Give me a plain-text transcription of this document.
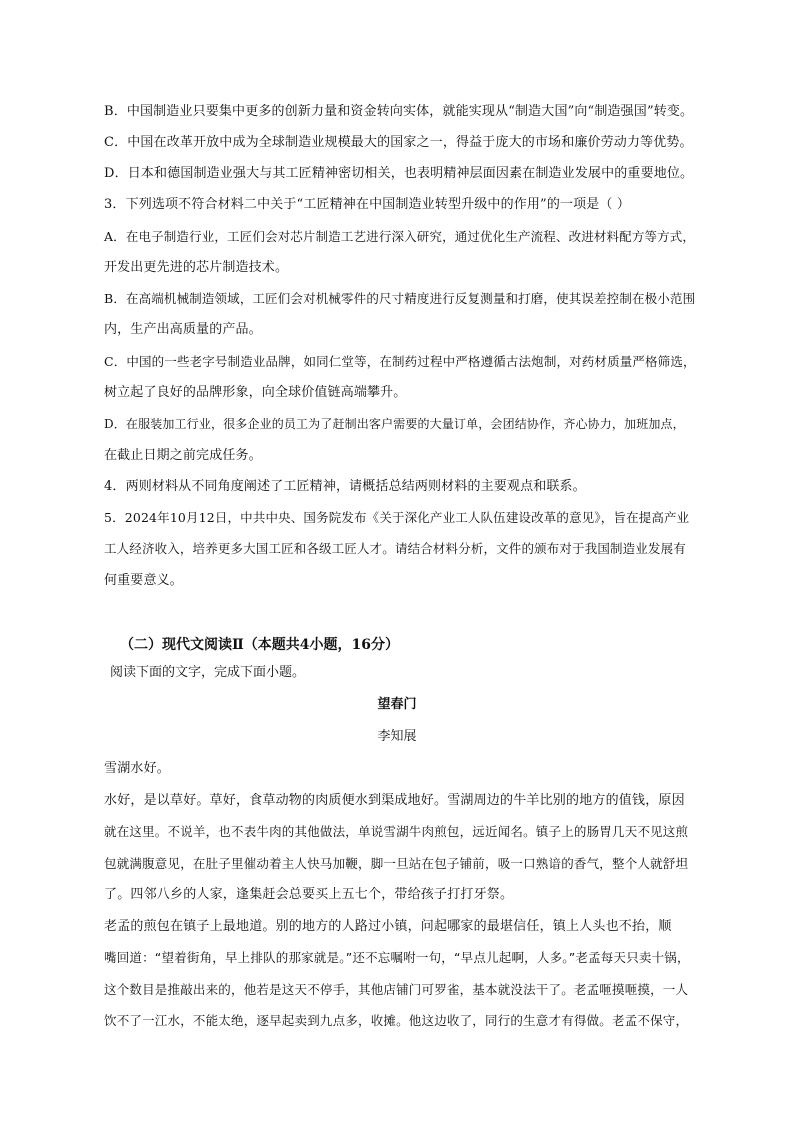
B．中国制造业只要集中更多的创新力量和资金转向实体，就能实现从“制造大国”向“制造强国”转变。

C．中国在改革开放中成为全球制造业规模最大的国家之一，得益于庞大的市场和廉价劳动力等优势。

D．日本和德国制造业强大与其工匠精神密切相关，也表明精神层面因素在制造业发展中的重要地位。

3．下列选项不符合材料二中关于“工匠精神在中国制造业转型升级中的作用”的一项是（ ）

A．在电子制造行业，工匠们会对芯片制造工艺进行深入研究，通过优化生产流程、改进材料配方等方式，

开发出更先进的芯片制造技术。

B．在高端机械制造领域，工匠们会对机械零件的尺寸精度进行反复测量和打磨，使其误差控制在极小范围

内，生产出高质量的产品。

C．中国的一些老字号制造业品牌，如同仁堂等，在制药过程中严格遵循古法炮制，对药材质量严格筛选，

树立起了良好的品牌形象，向全球价值链高端攀升。

D．在服装加工行业，很多企业的员工为了赶制出客户需要的大量订单，会团结协作，齐心协力，加班加点，

在截止日期之前完成任务。

4．两则材料从不同角度阐述了工匠精神，请概括总结两则材料的主要观点和联系。

5．2024年10月12日，中共中央、国务院发布《关于深化产业工人队伍建设改革的意见》，旨在提高产业

工人经济收入，培养更多大国工匠和各级工匠人才。请结合材料分析，文件的颁布对于我国制造业发展有

何重要意义。

（二）现代文阅读Ⅱ（本题共4小题，16分）

阅读下面的文字，完成下面小题。

望春门

李知展

雪湖水好。

水好，是以草好。草好，食草动物的肉质便水到渠成地好。雪湖周边的牛羊比别的地方的值钱，原因

就在这里。不说羊，也不表牛肉的其他做法，单说雪湖牛肉煎包，远近闻名。镇子上的肠胃几天不见这煎

包就满腹意见，在肚子里催动着主人快马加鞭，脚一旦站在包子铺前，吸一口熟谙的香气，整个人就舒坦

了。四邻八乡的人家，逢集赶会总要买上五七个，带给孩子打打牙祭。

老孟的煎包在镇子上最地道。别的地方的人路过小镇，问起哪家的最堪信任，镇上人头也不抬，顺

嘴回道：“望着街角，早上排队的那家就是。”还不忘嘱咐一句，“早点儿起啊，人多。”老孟每天只卖十锅，

这个数目是推敲出来的，他若是这天不停手，其他店铺门可罗雀，基本就没法干了。老孟咂摸咂摸，一人

饮不了一江水，不能太绝，逐早起卖到九点多，收摊。他这边收了，同行的生意才有得做。老孟不保守，
